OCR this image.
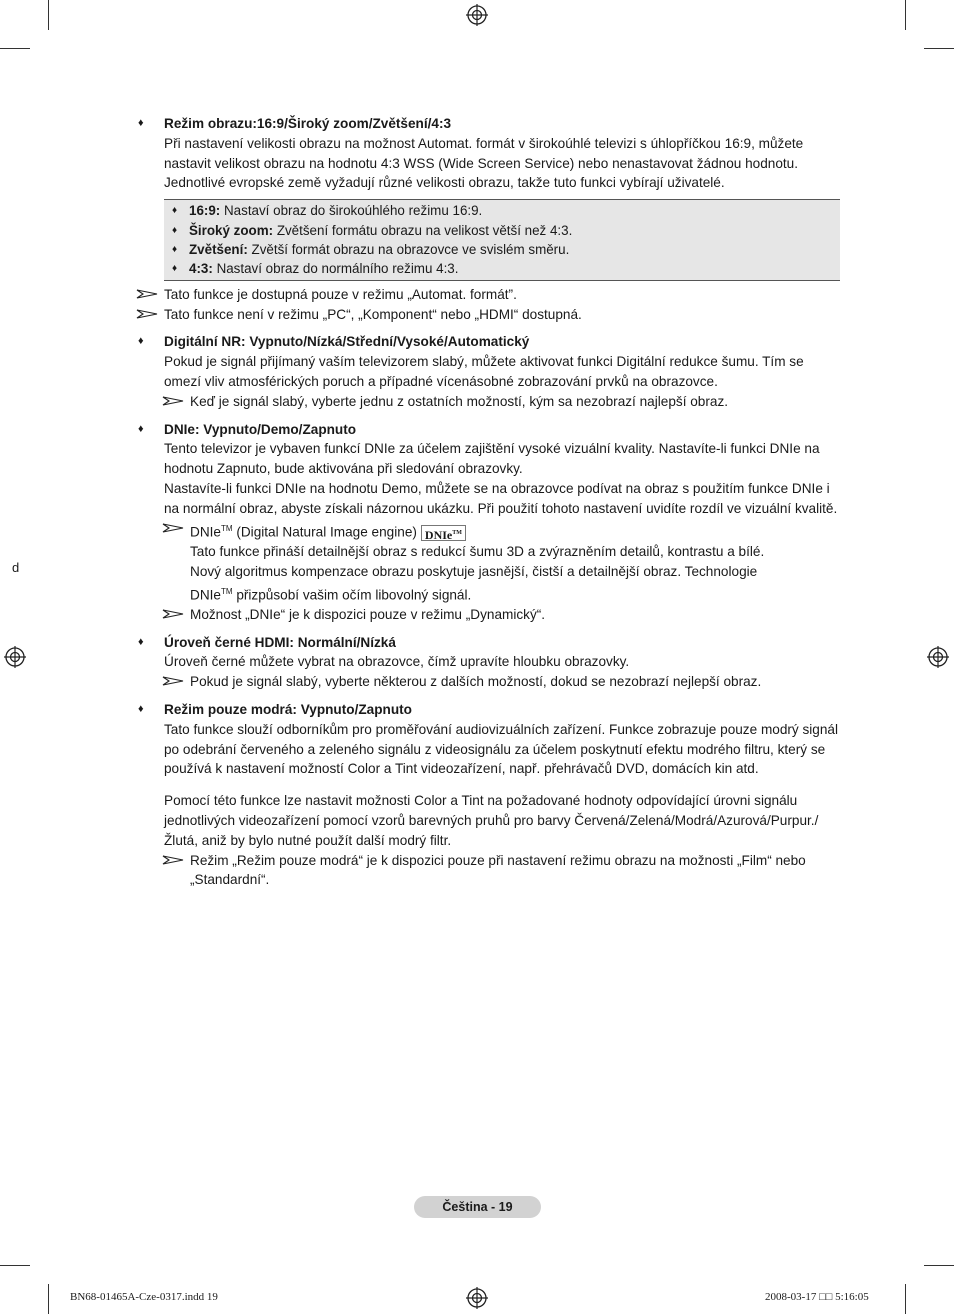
d
♦ Režim obrazu:16:9/Široký zoom/Zvětšení/4:3

Při nastavení velikosti obrazu na možnost Automat. formát v širokoúhlé televizi s úhlopříčkou 16:9, můžete nastavit velikost obrazu na hodnotu 4:3 WSS (Wide Screen Service) nebo nenastavovat žádnou hodnotu. Jednotlivé evropské země vyžadují různé velikosti obrazu, takže tuto funkci vybírají uživatelé.

♦ 16:9: Nastaví obraz do širokoúhlého režimu 16:9.
♦ Široký zoom: Zvětšení formátu obrazu na velikost větší než 4:3.
♦ Zvětšení: Zvětší formát obrazu na obrazovce ve svislém směru.
♦ 4:3: Nastaví obraz do normálního režimu 4:3.
Tato funkce je dostupná pouze v režimu „Automat. formát”.
Tato funkce není v režimu „PC“, „Komponent“ nebo „HDMI“ dostupná.
♦ Digitální NR: Vypnuto/Nízká/Střední/Vysoké/Automatický

Pokud je signál přijímaný vaším televizorem slabý, můžete aktivovat funkci Digitální redukce šumu. Tím se omezí vliv atmosférických poruch a případné vícenásobné zobrazování prvků na obrazovce.

Keď je signál slabý, vyberte jednu z ostatních možností, kým sa nezobrazí najlepší obraz.
♦ DNIe: Vypnuto/Demo/Zapnuto

Tento televizor je vybaven funkcí DNIe za účelem zajištění vysoké vizuální kvality. Nastavíte-li funkci DNIe na hodnotu Zapnuto, bude aktivována při sledování obrazovky.

Nastavíte-li funkci DNIe na hodnotu Demo, můžete se na obrazovce podívat na obraz s použitím funkce DNIe i na normální obraz, abyste získali názornou ukázku. Při použití tohoto nastavení uvidíte rozdíl ve vizuální kvalitě.

DNIe™ (Digital Natural Image engine) DNIe™
Tato funkce přináší detailnější obraz s redukcí šumu 3D a zvýrazněním detailů, kontrastu a bílé.
Nový algoritmus kompenzace obrazu poskytuje jasnější, čistší a detailnější obraz. Technologie
DNIe™ přizpůsobí vašim očím libovolný signál.
Možnost „DNIe“ je k dispozici pouze v režimu „Dynamický“.
♦ Úroveň černé HDMI: Normální/Nízká

Úroveň černé můžete vybrat na obrazovce, čímž upravíte hloubku obrazovky.

Pokud je signál slabý, vyberte některou z dalších možností, dokud se nezobrazí nejlepší obraz.
♦ Režim pouze modrá: Vypnuto/Zapnuto

Tato funkce slouží odborníkům pro proměřování audiovizuálních zařízení. Funkce zobrazuje pouze modrý signál po odebrání červeného a zeleného signálu z videosignálu za účelem poskytnutí efektu modrého filtru, který se používá k nastavení možností Color a Tint videozařízení, např. přehrávačů DVD, domácích kin atd.

Pomocí této funkce lze nastavit možnosti Color a Tint na požadované hodnoty odpovídající úrovni signálu jednotlivých videozařízení pomocí vzorů barevných pruhů pro barvy Červená/Zelená/Modrá/Azurová/Purpur./Žlutá, aniž by bylo nutné použít další modrý filtr.

Režim „Režim pouze modrá“ je k dispozici pouze při nastavení režimu obrazu na možnosti „Film“ nebo „Standardní“.
Čeština - 19
BN68-01465A-Cze-0317.indd 19	2008-03-17 □□ 5:16:05
